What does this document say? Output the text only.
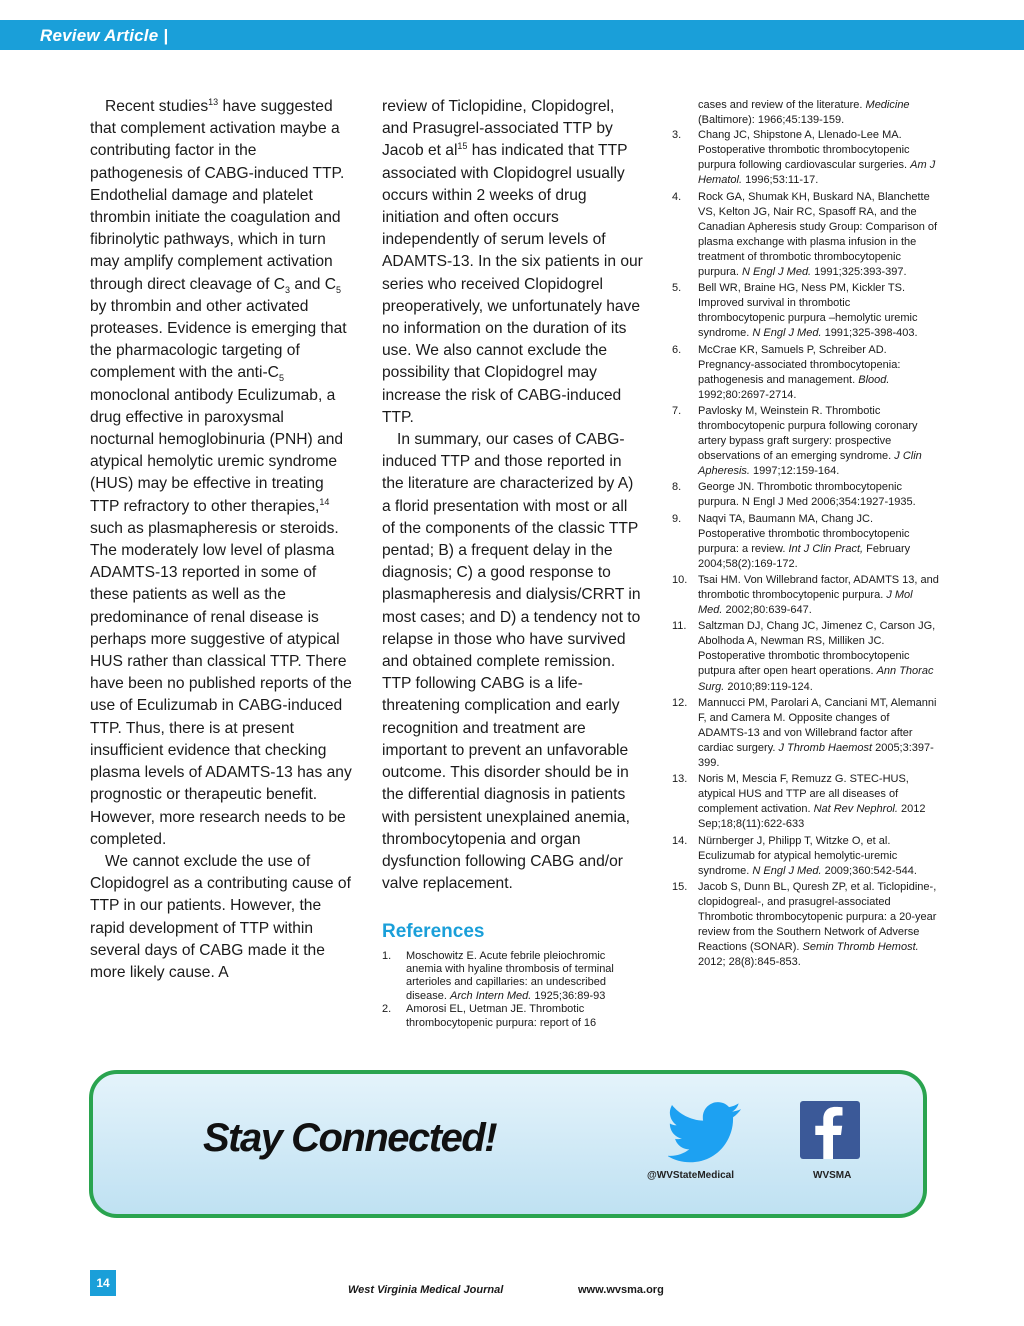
Review Article |

Recent studies$^{13}$ have suggested that complement activation maybe a contributing factor in the pathogenesis of CABG-induced TTP. Endothelial damage and platelet thrombin initiate the coagulation and fibrinolytic pathways, which in turn may amplify complement activation through direct cleavage of $C_3$ and $C_5$ by thrombin and other activated proteases. Evidence is emerging that the pharmacologic targeting of complement with the anti-$C_5$ monoclonal antibody Eculizumab, a drug effective in paroxysmal nocturnal hemoglobinuria (PNH) and atypical hemolytic uremic syndrome (HUS) may be effective in treating TTP refractory to other therapies,$^{14}$ such as plasmapheresis or steroids. The moderately low level of plasma ADAMTS-13 reported in some of these patients as well as the predominance of renal disease is perhaps more suggestive of atypical HUS rather than classical TTP. There have been no published reports of the use of Eculizumab in CABG-induced TTP. Thus, there is at present insufficient evidence that checking plasma levels of ADAMTS-13 has any prognostic or therapeutic benefit. However, more research needs to be completed.

We cannot exclude the use of Clopidogrel as a contributing cause of TTP in our patients. However, the rapid development of TTP within several days of CABG made it the more likely cause. A

review of Ticlopidine, Clopidogrel, and Prasugrel-associated TTP by Jacob et $al^{15}$ has indicated that TTP associated with Clopidogrel usually occurs within 2 weeks of drug initiation and often occurs independently of serum levels of ADAMTS-13. In the six patients in our series who received Clopidogrel preoperatively, we unfortunately have no information on the duration of its use. We also cannot exclude the possibility that Clopidogrel may increase the risk of CABG-induced TTP.

In summary, our cases of CABG-induced TTP and those reported in the literature are characterized by A) a florid presentation with most or all of the components of the classic TTP pentad; B) a frequent delay in the diagnosis; C) a good response to plasmapheresis and dialysis/CRRT in most cases; and D) a tendency not to relapse in those who have survived and obtained complete remission. TTP following CABG is a life-threatening complication and early recognition and treatment are important to prevent an unfavorable outcome. This disorder should be in the differential diagnosis in patients with persistent unexplained anemia, thrombocytopenia and organ dysfunction following CABG and/or valve replacement.

References
1. Moschowitz E. Acute febrile pleiochromic anemia with hyaline thrombosis of terminal arterioles and capillaries: an undescribed disease. Arch Intern Med. 1925;36:89-93
2. Amorosi EL, Uetman JE. Thrombotic thrombocytopenic purpura: report of 16
cases and review of the literature. Medicine (Baltimore): 1966;45:139-159.
3. Chang JC, Shipstone A, Llenado-Lee MA. Postoperative thrombotic thrombocytopenic purpura following cardiovascular surgeries. Am J Hematol. 1996;53:11-17.
4. Rock GA, Shumak KH, Buskard NA, Blanchette VS, Kelton JG, Nair RC, Spasoff RA, and the Canadian Apheresis study Group: Comparison of plasma exchange with plasma infusion in the treatment of thrombotic thrombocytopenic purpura. N Engl J Med. 1991;325:393-397.
5. Bell WR, Braine HG, Ness PM, Kickler TS. Improved survival in thrombotic thrombocytopenic purpura –hemolytic uremic syndrome. N Engl J Med. 1991;325-398-403.
6. McCrae KR, Samuels P, Schreiber AD. Pregnancy-associated thrombocytopenia: pathogenesis and management. Blood. 1992;80:2697-2714.
7. Pavlosky M, Weinstein R. Thrombotic thrombocytopenic purpura following coronary artery bypass graft surgery: prospective observations of an emerging syndrome. J Clin Apheresis. 1997;12:159-164.
8. George JN. Thrombotic thrombocytopenic purpura. N Engl J Med 2006;354:1927-1935.
9. Naqvi TA, Baumann MA, Chang JC. Postoperative thrombotic thrombocytopenic purpura: a review. Int J Clin Pract, February 2004;58(2):169-172.
10. Tsai HM. Von Willebrand factor, ADAMTS 13, and thrombotic thrombocytopenic purpura. J Mol Med. 2002;80:639-647.
11. Saltzman DJ, Chang JC, Jimenez C, Carson JG, Abolhoda A, Newman RS, Milliken JC. Postoperative thrombotic thrombocytopenic putpura after open heart operations. Ann Thorac Surg. 2010;89:119-124.
12. Mannucci PM, Parolari A, Canciani MT, Alemanni F, and Camera M. Opposite changes of ADAMTS-13 and von Willebrand factor after cardiac surgery. J Thromb Haemost 2005;3:397-399.
13. Noris M, Mescia F, Remuzz G. STEC-HUS, atypical HUS and TTP are all diseases of complement activation. Nat Rev Nephrol. 2012 Sep;18;8(11):622-633
14. Nürnberger J, Philipp T, Witzke O, et al. Eculizumab for atypical hemolytic-uremic syndrome. N Engl J Med. 2009;360:542-544.
15. Jacob S, Dunn BL, Quresh ZP, et al. Ticlopidine-, clopidogreal-, and prasugrel-associated Thrombotic thrombocytopenic purpura: a 20-year review from the Southern Network of Adverse Reactions (SONAR). Semin Thromb Hemost. 2012; 28(8):845-853.
Stay Connected!
@WVStateMedical	WVSMA
14	West Virginia Medical Journal	www.wvsma.org
